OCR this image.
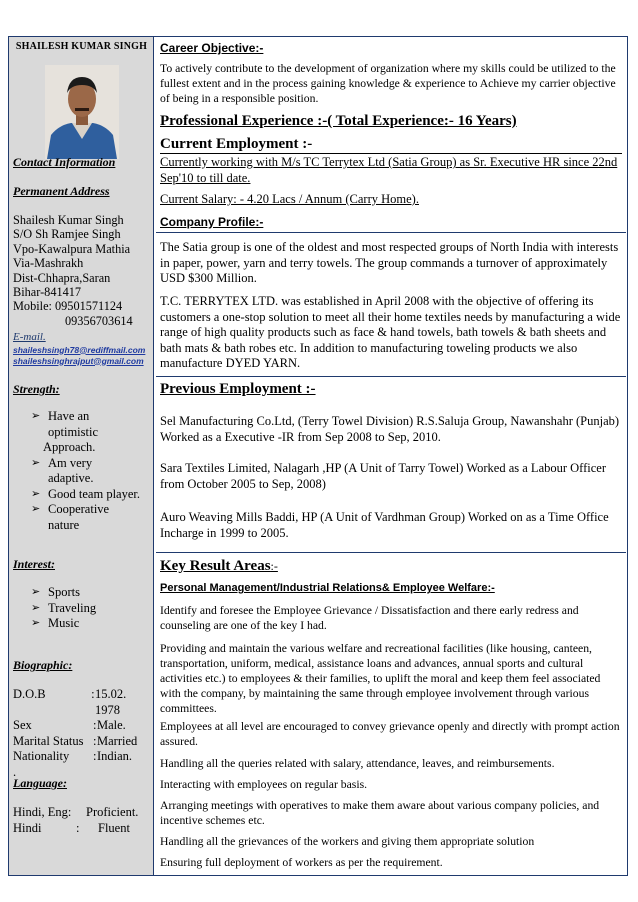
SHAILESH KUMAR SINGH
Contact Information
Permanent Address
Shailesh Kumar Singh
S/O Sh Ramjee Singh
Vpo-Kawalpura Mathia
Via-Mashrakh
Dist-Chhapra,Saran
Bihar-841417
Mobile: 09501571124
09356703614
E-mail.
shaileshsingh78@rediffmail.com
shaileshsinghrajput@gmail.com
Strength:
➢ Have an
optimistic
Approach.
➢ Am very
adaptive.
➢ Good team player.
➢ Cooperative
nature
Interest:
➢ Sports
➢ Traveling
➢ Music
Biographic:
D.O.B	: 15.02. 1978
Sex	: Male.
Marital Status : Married
Nationality	: Indian.
.
Language:
Hindi, Eng:	Proficient.
Hindi	:	Fluent
Career Objective:-
To actively contribute to the development of organization where my skills could be utilized to the fullest extent and in the process gaining knowledge & experience to Achieve my carrier objective of being in a responsible position.
Professional Experience :-( Total Experience:- 16 Years)
Current Employment :-
Currently working with M/s TC Terrytex Ltd (Satia Group) as Sr. Executive HR since 22nd Sep'10 to till date.
Current Salary: - 4.20 Lacs / Annum (Carry Home).
Company Profile:-
The Satia group is one of the oldest and most respected groups of North India with interests in paper, power, yarn and terry towels. The group commands a turnover of approximately USD $300 Million.
T.C. TERRYTEX LTD. was established in April 2008 with the objective of offering its customers a one-stop solution to meet all their home textiles needs by manufacturing a wide range of high quality products such as face & hand towels, bath towels & bath sheets and bath mats & bath robes etc. In addition to manufacturing toweling products we also manufacture DYED YARN.
Previous Employment :-
Sel Manufacturing Co.Ltd, (Terry Towel Division) R.S.Saluja Group, Nawanshahr (Punjab) Worked as a Executive -IR from Sep 2008 to Sep, 2010.
Sara Textiles Limited, Nalagarh ,HP (A Unit of Tarry Towel) Worked as a Labour Officer from October 2005 to Sep, 2008)
Auro Weaving Mills Baddi, HP (A Unit of Vardhman Group) Worked on as a Time Office Incharge in 1999 to 2005.
Key Result Areas:-
Personal Management/Industrial Relations& Employee Welfare:-
Identify and foresee the Employee Grievance / Dissatisfaction and there early redress and counseling are one of the key I had.
Providing and maintain the various welfare and recreational facilities (like housing, canteen, transportation, uniform, medical, assistance loans and advances, annual sports and cultural activities etc.) to employees & their families, to uplift the moral and keep them feel associated with the company, by maintaining the same through employee involvement through various committees.
Employees at all level are encouraged to convey grievance openly and directly with prompt action assured.
Handling all the queries related with salary, attendance, leaves, and reimbursements.
Interacting with employees on regular basis.
Arranging meetings with operatives to make them aware about various company policies, and incentive schemes etc.
Handling all the grievances of the workers and giving them appropriate solution
Ensuring full deployment of workers as per the requirement.
